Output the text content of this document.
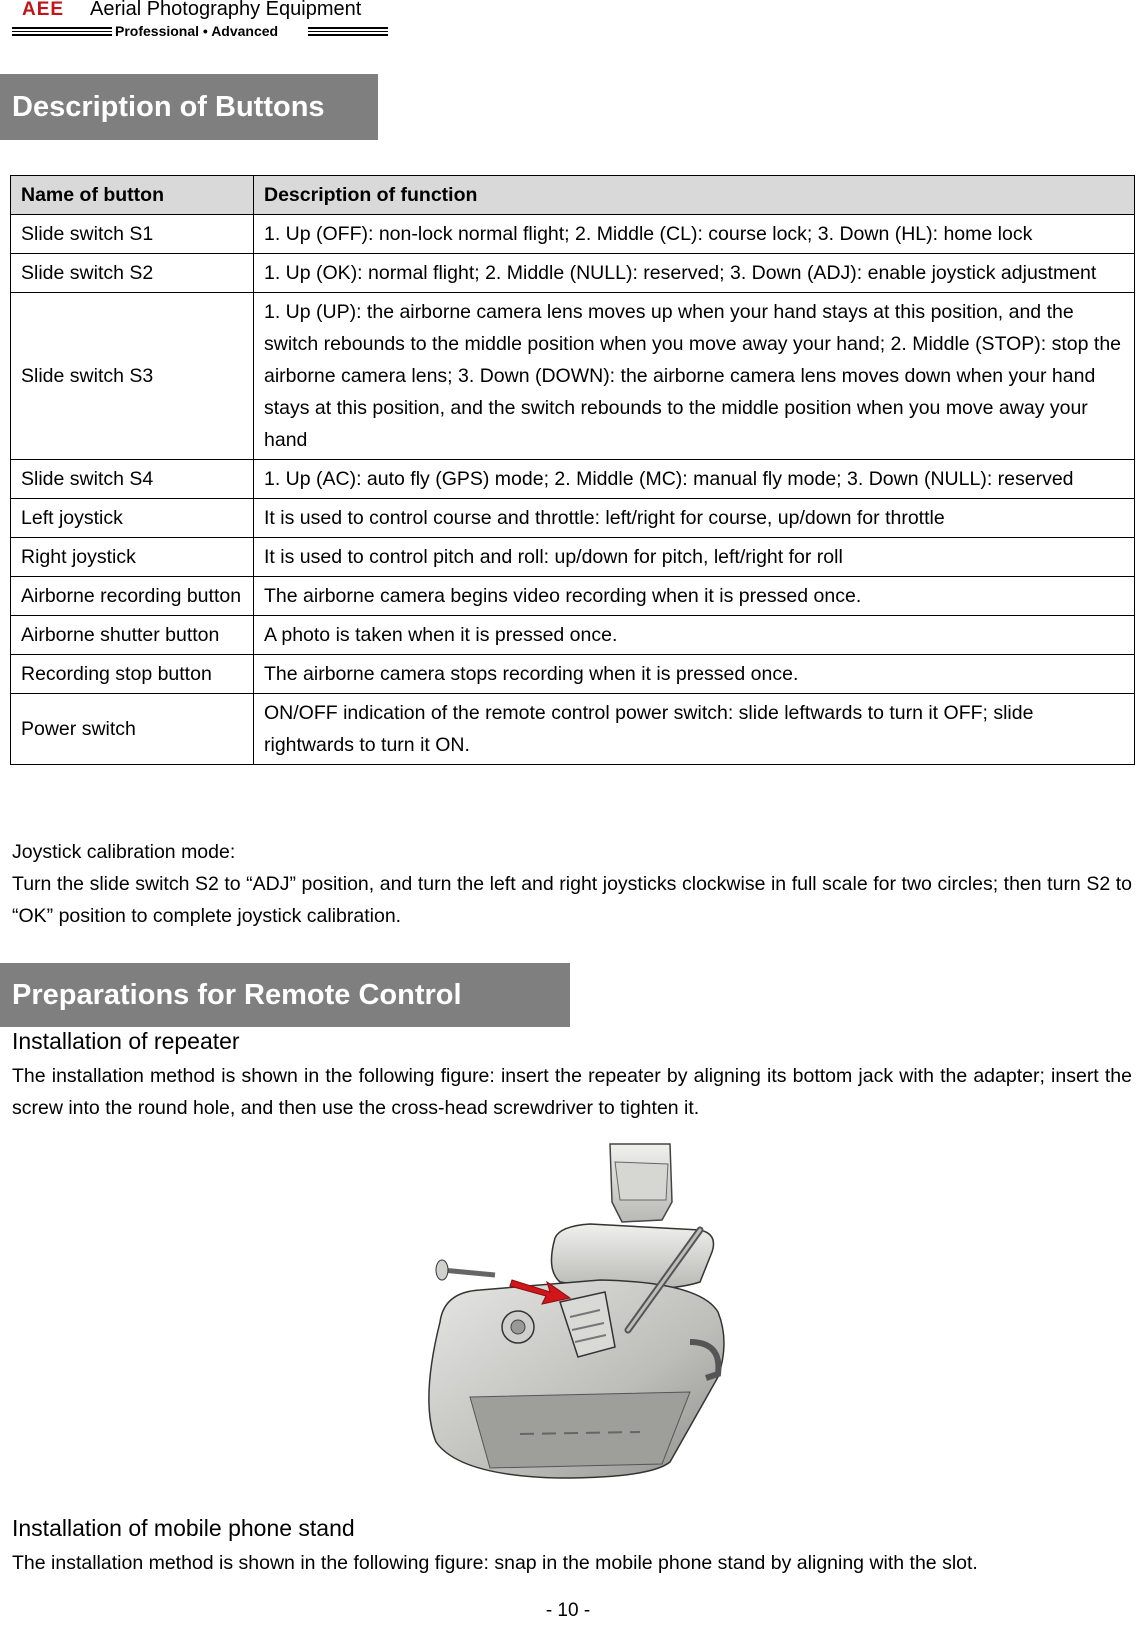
AEE Aerial Photography Equipment
Professional • Advanced
Description of Buttons
Name of button	Description of function
Slide switch S1	1. Up (OFF): non-lock normal flight; 2. Middle (CL): course lock; 3. Down (HL): home lock
Slide switch S2	1. Up (OK): normal flight; 2. Middle (NULL): reserved; 3. Down (ADJ): enable joystick adjustment
Slide switch S3	1. Up (UP): the airborne camera lens moves up when your hand stays at this position, and the switch rebounds to the middle position when you move away your hand; 2. Middle (STOP): stop the airborne camera lens; 3. Down (DOWN): the airborne camera lens moves down when your hand stays at this position, and the switch rebounds to the middle position when you move away your hand
Slide switch S4	1. Up (AC): auto fly (GPS) mode; 2. Middle (MC): manual fly mode; 3. Down (NULL): reserved
Left joystick	It is used to control course and throttle: left/right for course, up/down for throttle
Right joystick	It is used to control pitch and roll: up/down for pitch, left/right for roll
Airborne recording button	The airborne camera begins video recording when it is pressed once.
Airborne shutter button	A photo is taken when it is pressed once.
Recording stop button	The airborne camera stops recording when it is pressed once.
Power switch	ON/OFF indication of the remote control power switch: slide leftwards to turn it OFF; slide rightwards to turn it ON.
Joystick calibration mode:
Turn the slide switch S2 to “ADJ” position, and turn the left and right joysticks clockwise in full scale for two circles; then turn S2 to “OK” position to complete joystick calibration.
Preparations for Remote Control
Installation of repeater
The installation method is shown in the following figure: insert the repeater by aligning its bottom jack with the adapter; insert the screw into the round hole, and then use the cross-head screwdriver to tighten it.
Installation of mobile phone stand
The installation method is shown in the following figure: snap in the mobile phone stand by aligning with the slot.
- 10 -
